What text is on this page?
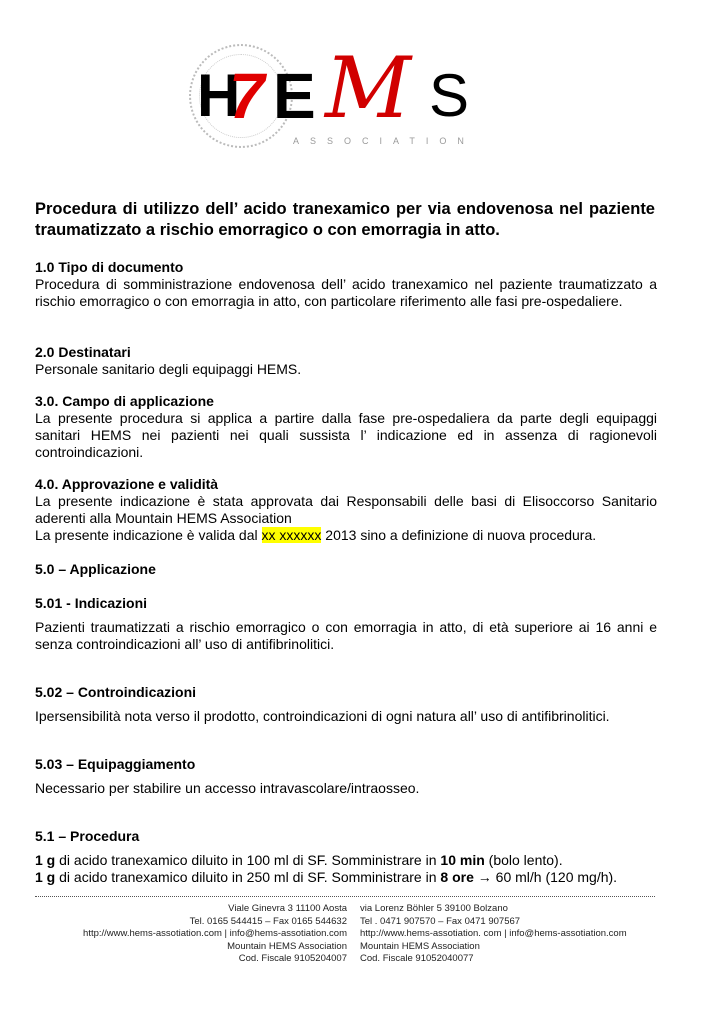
H
7 E M S
ASSOCIATION
Procedura di utilizzo dell’ acido tranexamico per via endovenosa nel paziente traumatizzato a rischio emorragico o con emorragia in atto.
1.0 Tipo di documento
Procedura di somministrazione endovenosa dell’ acido tranexamico nel paziente traumatizzato a rischio emorragico o con emorragia in atto, con particolare riferimento alle fasi pre-ospedaliere.
2.0 Destinatari
Personale sanitario degli equipaggi HEMS.
3.0. Campo di applicazione
La presente procedura si applica a partire dalla fase pre-ospedaliera da parte degli equipaggi sanitari HEMS nei pazienti nei quali sussista l’ indicazione ed in assenza di ragionevoli controindicazioni.
4.0. Approvazione e validità
La presente indicazione è stata approvata dai Responsabili delle basi di Elisoccorso Sanitario aderenti alla Mountain HEMS Association
La presente indicazione è valida dal xx xxxxxx 2013 sino a definizione di nuova procedura.
5.0 – Applicazione
5.01 - Indicazioni
Pazienti traumatizzati a rischio emorragico o con emorragia in atto, di età superiore ai 16 anni e senza controindicazioni all’ uso di antifibrinolitici.
5.02 – Controindicazioni
Ipersensibilità nota verso il prodotto, controindicazioni di ogni natura all’ uso di antifibrinolitici.
5.03 – Equipaggiamento
Necessario per stabilire un accesso intravascolare/intraosseo.
5.1 – Procedura
1 g di acido tranexamico diluito in 100 ml di SF. Somministrare in 10 min (bolo lento).
1 g di acido tranexamico diluito in 250 ml di SF. Somministrare in 8 ore → 60 ml/h (120 mg/h).
Viale Ginevra 3 11100 Aosta
Tel. 0165 544415 – Fax 0165 544632
http://www.hems-assotiation.com | info@hems-assotiation.com
Mountain HEMS Association
Cod. Fiscale 9105204007
via Lorenz Böhler 5 39100 Bolzano
Tel . 0471 907570 – Fax 0471 907567
http://www.hems-assotiation. com | info@hems-assotiation.com
Mountain HEMS Association
Cod. Fiscale 91052040077
